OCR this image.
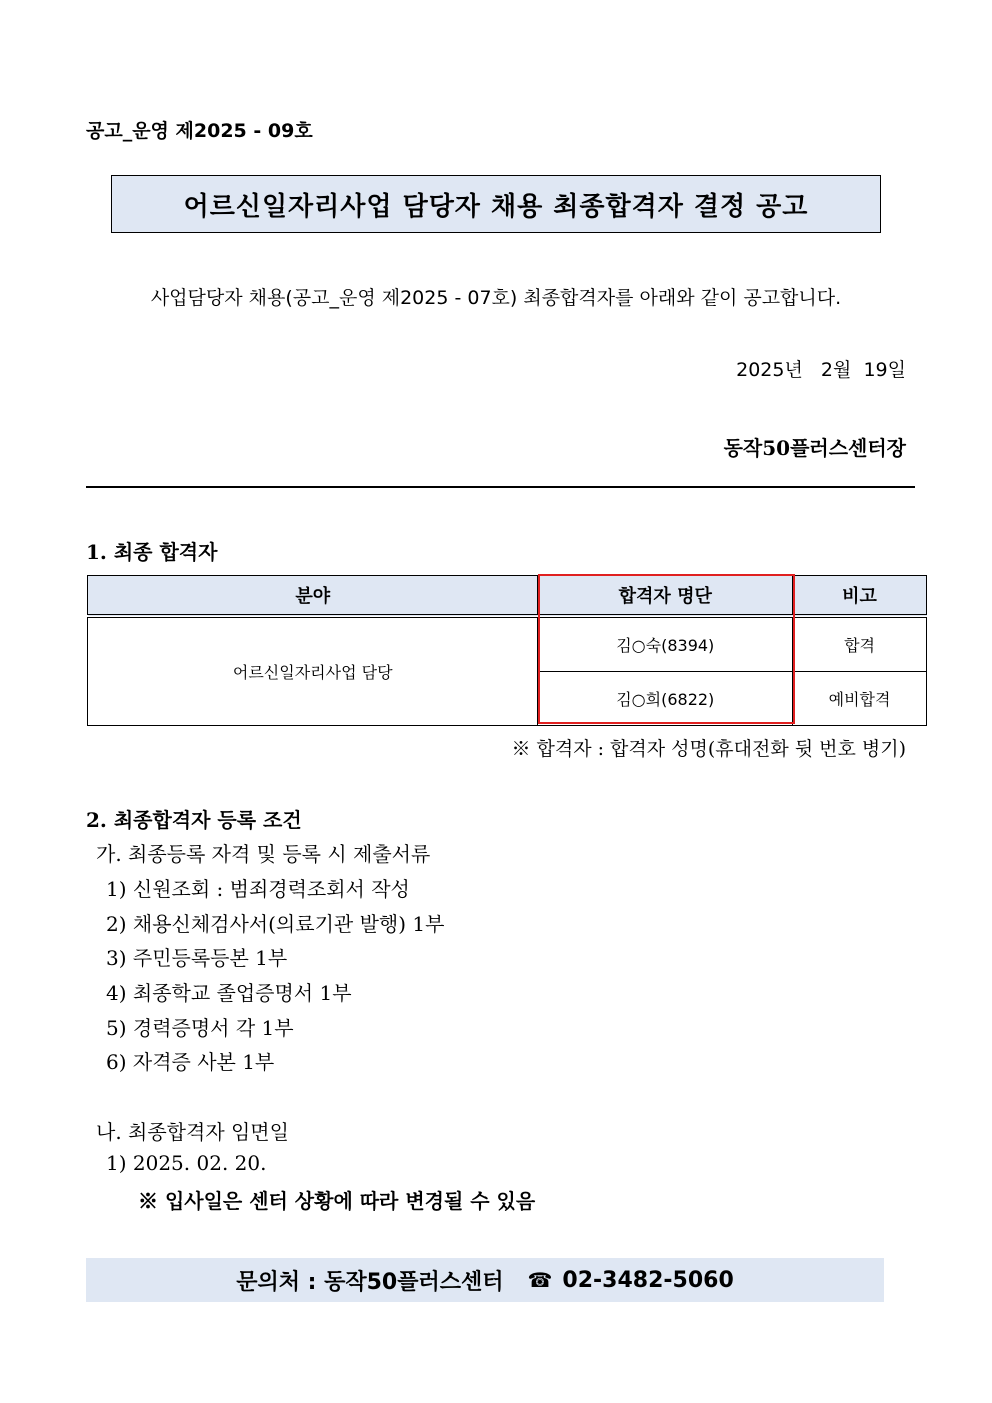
공고_운영 제2025 - 09호
어르신일자리사업 담당자 채용 최종합격자 결정 공고
사업담당자 채용(공고_운영 제2025 - 07호) 최종합격자를 아래와 같이 공고합니다.
2025년   2월  19일
동작50플러스센터장
1. 최종 합격자
분야	합격자 명단	비고
어르신일자리사업 담당	김○숙(8394)	합격
	김○희(6822)	예비합격
※ 합격자 : 합격자 성명(휴대전화 뒷 번호 병기)
2. 최종합격자 등록 조건
가. 최종등록 자격 및 등록 시 제출서류
1) 신원조회 : 범죄경력조회서 작성
2) 채용신체검사서(의료기관 발행) 1부
3) 주민등록등본 1부
4) 최종학교 졸업증명서 1부
5) 경력증명서 각 1부
6) 자격증 사본 1부
나. 최종합격자 임면일
1) 2025. 02. 20.
※ 입사일은 센터 상황에 따라 변경될 수 있음
문의처 : 동작50플러스센터 ☎ 02-3482-5060
